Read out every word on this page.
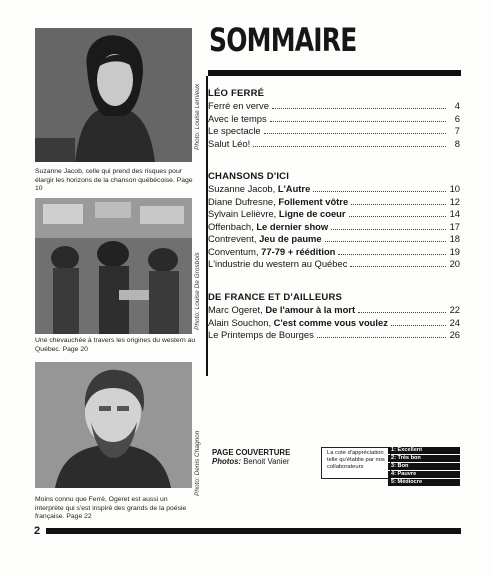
SOMMAIRE
Photo: Louise Lemieux
Suzanne Jacob, celle qui prend des risques pour élargir les horizons de la chanson québécoise. Page 10
Photo: Louise De Grosbois
Une chevauchée à travers les origines du western au Québec. Page 20
Photo: Denis Chagnon
Moins connu que Ferré, Ogeret est aussi un interprète qui s'est inspiré des grands de la poésie française. Page 22
LÉO FERRÉ
Ferré en verve	4
Avec le temps	6
Le spectacle	7
Salut Léo!	8
CHANSONS D'ICI
Suzanne Jacob, L'Autre	10
Diane Dufresne, Follement vôtre	12
Sylvain Lelièvre, Ligne de coeur	14
Offenbach, Le dernier show	17
Contrevent, Jeu de paume	18
Conventum, 77-79 + réédition	19
L'industrie du western au Québec	20
DE FRANCE ET D'AILLEURS
Marc Ogeret, De l'amour à la mort	22
Alain Souchon, C'est comme vous voulez	24
Le Printemps de Bourges	26
PAGE COUVERTURE
Photos: Benoit Vanier
La cote d'appréciation telle qu'établie par nos collaborateurs
1: Excellent
2: Très bon
3: Bon
4: Pauvre
5: Médiocre
2
